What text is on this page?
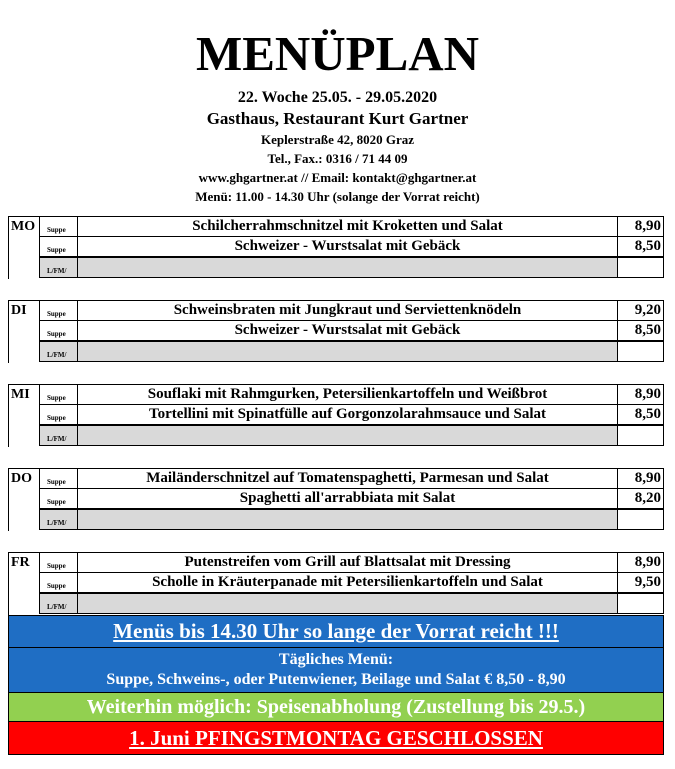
MENÜPLAN
22. Woche 25.05. - 29.05.2020
Gasthaus, Restaurant Kurt Gartner
Keplerstraße 42, 8020 Graz
Tel., Fax.: 0316 / 71 44 09
www.ghgartner.at // Email: kontakt@ghgartner.at
Menü: 11.00 - 14.30 Uhr (solange der Vorrat reicht)
MO	Suppe	Schilcherrahmschnitzel mit Kroketten und Salat	8,90
Suppe	Schweizer - Wurstsalat mit Gebäck	8,50
L/FM/
DI	Suppe	Schweinsbraten mit Jungkraut und Serviettenknödeln	9,20
Suppe	Schweizer - Wurstsalat mit Gebäck	8,50
L/FM/
MI	Suppe	Souflaki mit Rahmgurken, Petersilienkartoffeln und Weißbrot	8,90
Suppe	Tortellini mit Spinatfülle auf Gorgonzolarahmsauce und Salat	8,50
L/FM/
DO	Suppe	Mailänderschnitzel auf Tomatenspaghetti, Parmesan und Salat	8,90
Suppe	Spaghetti all'arrabbiata mit Salat	8,20
L/FM/
FR	Suppe	Putenstreifen vom Grill auf Blattsalat mit Dressing	8,90
Suppe	Scholle in Kräuterpanade mit Petersilienkartoffeln und Salat	9,50
L/FM/
Menüs bis 14.30 Uhr so lange der Vorrat reicht !!!
Tägliches Menü:
Suppe, Schweins-, oder Putenwiener, Beilage und Salat € 8,50 - 8,90
Weiterhin möglich: Speisenabholung (Zustellung bis 29.5.)
1. Juni PFINGSTMONTAG GESCHLOSSEN
